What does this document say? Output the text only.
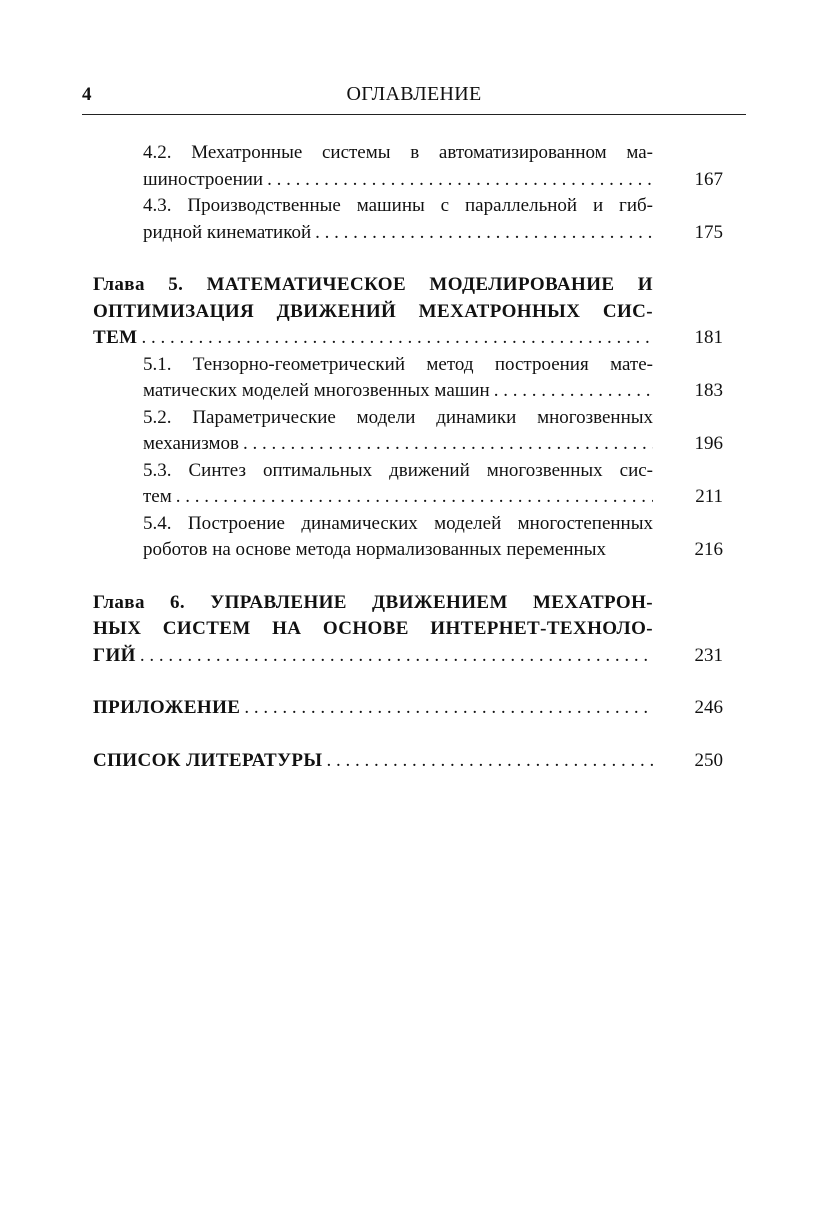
4	ОГЛАВЛЕНИЕ
4.2. Мехатронные системы в автоматизированном ма-
шиностроении . . .	167
4.3. Производственные машины с параллельной и гиб-
ридной кинематикой . . .	175
Глава 5. МАТЕМАТИЧЕСКОЕ МОДЕЛИРОВАНИЕ И
ОПТИМИЗАЦИЯ ДВИЖЕНИЙ МЕХАТРОННЫХ СИС-
ТЕМ . . .	181
5.1. Тензорно-геометрический метод построения мате-
матических моделей многозвенных машин . . .	183
5.2. Параметрические модели динамики многозвенных
механизмов . . .	196
5.3. Синтез оптимальных движений многозвенных сис-
тем . . .	211
5.4. Построение динамических моделей многостепенных
роботов на основе метода нормализованных переменных	216
Глава 6. УПРАВЛЕНИЕ ДВИЖЕНИЕМ МЕХАТРОН-
НЫХ СИСТЕМ НА ОСНОВЕ ИНТЕРНЕТ-ТЕХНОЛО-
ГИЙ . . .	231
ПРИЛОЖЕНИЕ . . .	246
СПИСОК ЛИТЕРАТУРЫ . . .	250
